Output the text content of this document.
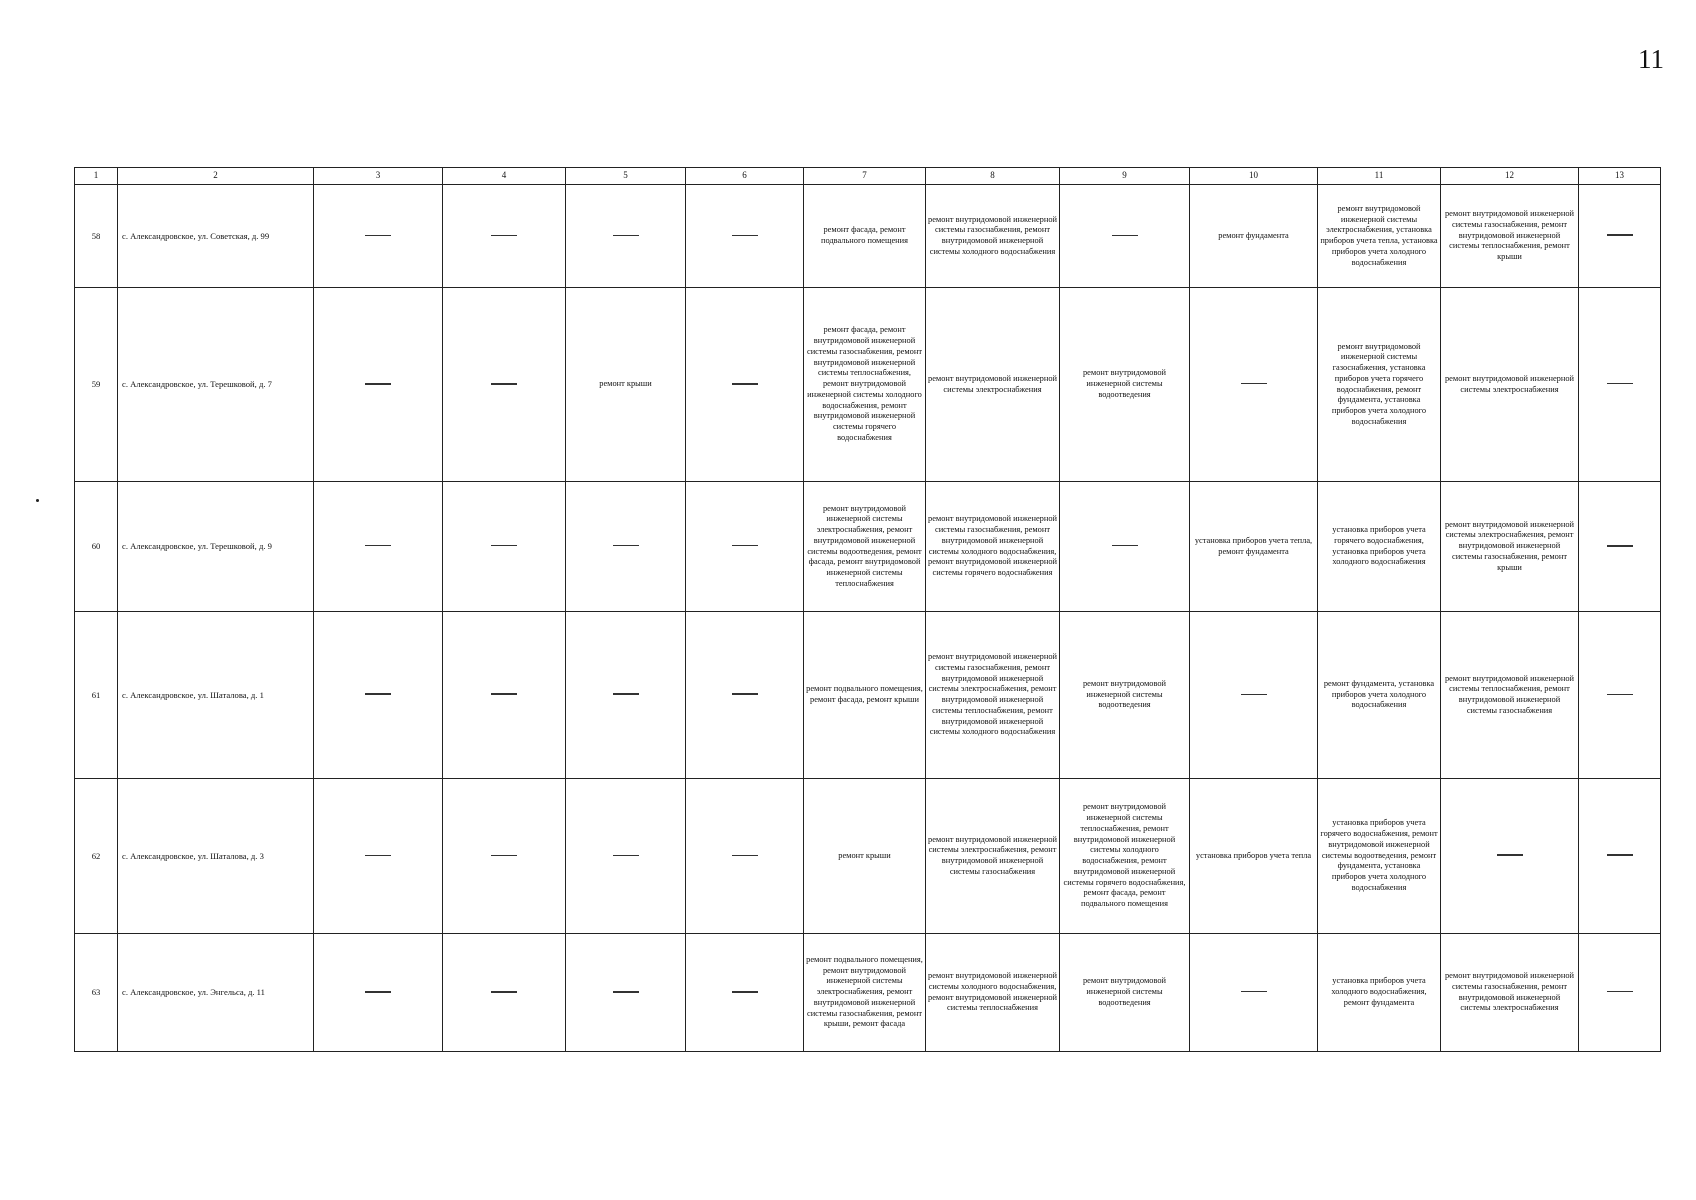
11
1	2	3	4	5	6	7	8	9	10	11	12	13
58	с. Александровское, ул. Советская, д. 99					ремонт фасада, ремонт подвального помещения	ремонт внутридомовой инженерной системы газоснабжения, ремонт внутридомовой инженерной системы холодного водоснабжения		ремонт фундамента	ремонт внутридомовой инженерной системы электроснабжения, установка приборов учета тепла, установка приборов учета холодного водоснабжения	ремонт внутридомовой инженерной системы газоснабжения, ремонт внутридомовой инженерной системы теплоснабжения, ремонт крыши	
59	с. Александровское, ул. Терешковой, д. 7			ремонт крыши		ремонт фасада, ремонт внутридомовой инженерной системы газоснабжения, ремонт внутридомовой инженерной системы теплоснабжения, ремонт внутридомовой инженерной системы холодного водоснабжения, ремонт внутридомовой инженерной системы горячего водоснабжения	ремонт внутридомовой инженерной системы электроснабжения	ремонт внутридомовой инженерной системы водоотведения		ремонт внутридомовой инженерной системы газоснабжения, установка приборов учета горячего водоснабжения, ремонт фундамента, установка приборов учета холодного водоснабжения	ремонт внутридомовой инженерной системы электроснабжения	
60	с. Александровское, ул. Терешковой, д. 9					ремонт внутридомовой инженерной системы электроснабжения, ремонт внутридомовой инженерной системы водоотведения, ремонт фасада, ремонт внутридомовой инженерной системы теплоснабжения	ремонт внутридомовой инженерной системы газоснабжения, ремонт внутридомовой инженерной системы холодного водоснабжения, ремонт внутридомовой инженерной системы горячего водоснабжения		установка приборов учета тепла, ремонт фундамента	установка приборов учета горячего водоснабжения, установка приборов учета холодного водоснабжения	ремонт внутридомовой инженерной системы электроснабжения, ремонт внутридомовой инженерной системы газоснабжения, ремонт крыши	
61	с. Александровское, ул. Шаталова, д. 1					ремонт подвального помещения, ремонт фасада, ремонт крыши	ремонт внутридомовой инженерной системы газоснабжения, ремонт внутридомовой инженерной системы электроснабжения, ремонт внутридомовой инженерной системы теплоснабжения, ремонт внутридомовой инженерной системы холодного водоснабжения	ремонт внутридомовой инженерной системы водоотведения		ремонт фундамента, установка приборов учета холодного водоснабжения	ремонт внутридомовой инженерной системы теплоснабжения, ремонт внутридомовой инженерной системы газоснабжения	
62	с. Александровское, ул. Шаталова, д. 3					ремонт крыши	ремонт внутридомовой инженерной системы электроснабжения, ремонт внутридомовой инженерной системы газоснабжения	ремонт внутридомовой инженерной системы теплоснабжения, ремонт внутридомовой инженерной системы холодного водоснабжения, ремонт внутридомовой инженерной системы горячего водоснабжения, ремонт фасада, ремонт подвального помещения	установка приборов учета тепла	установка приборов учета горячего водоснабжения, ремонт внутридомовой инженерной системы водоотведения, ремонт фундамента, установка приборов учета холодного водоснабжения		
63	с. Александровское, ул. Энгельса, д. 11					ремонт подвального помещения, ремонт внутридомовой инженерной системы электроснабжения, ремонт внутридомовой инженерной системы газоснабжения, ремонт крыши, ремонт фасада	ремонт внутридомовой инженерной системы холодного водоснабжения, ремонт внутридомовой инженерной системы теплоснабжения	ремонт внутридомовой инженерной системы водоотведения		установка приборов учета холодного водоснабжения, ремонт фундамента	ремонт внутридомовой инженерной системы газоснабжения, ремонт внутридомовой инженерной системы электроснабжения	
